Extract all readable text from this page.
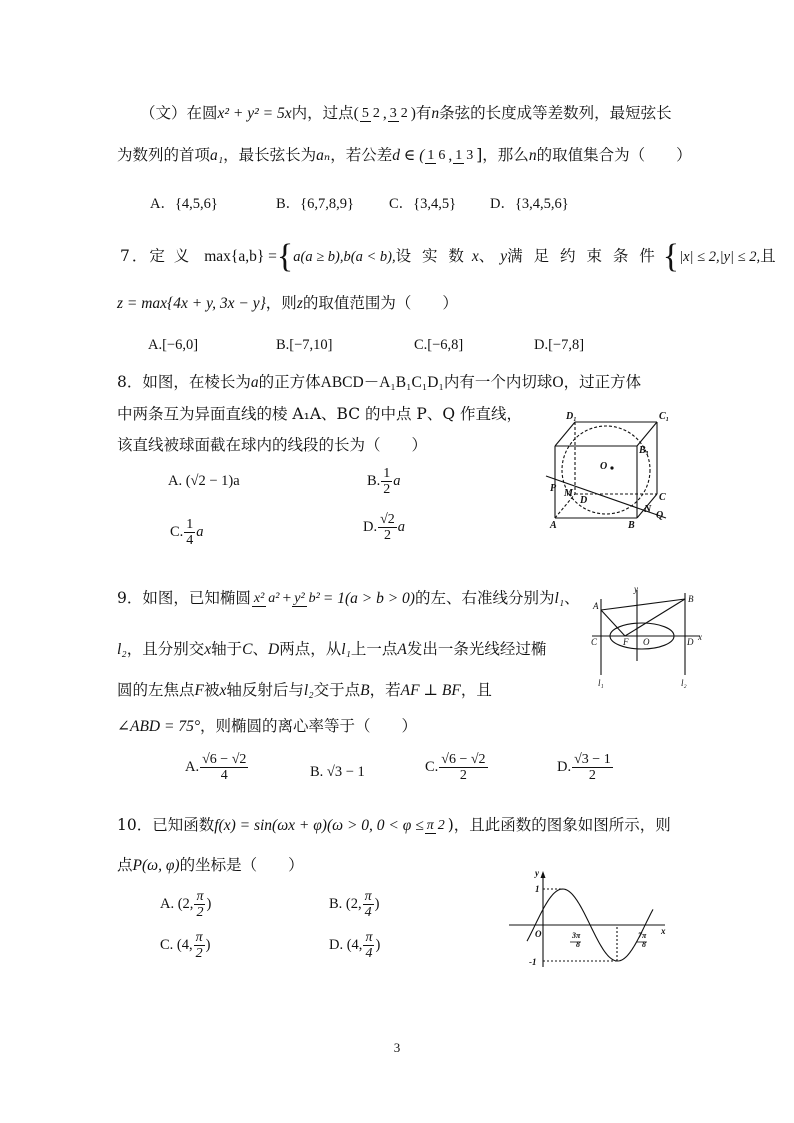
（文）在圆x² + y² = 5x内，过点( 5 2 , 3 2 )有n条弦的长度成等差数列，最短弦长
为数列的首项a₁，最长弦长为aₙ，若公差d ∈ ( 1 6 , 1 3 ]，那么n的取值集合为（　　）
A．{4,5,6}	B．{6,7,8,9} C．{3,4,5} D．{3,4,5,6}
7．定 义 max{a,b} ={a(a ≥ b),b(a < b),设 实 数 x、 y满 足 约 束 条 件 {|x| ≤ 2,|y| ≤ 2,且
z = max{4x + y, 3x − y}，则z的取值范围为（　　）
A.[−6,0]	B.[−7,10]	C.[−6,8]	D.[−7,8]
8．如图，在棱长为a的正方体ABCD－A₁B₁C₁D₁内有一个内切球O，过正方体
中两条互为异面直线的棱 A₁A、BC 的中点 P、Q 作直线，
该直线被球面截在球内的线段的长为（　　）
A. (√2 − 1)a	B. $\frac{1}{2}$ a
C. $\frac{1}{4}$ a	D. $\frac{√2}{2}$ a
D₁	C₁
B₁
O
P M
D	C
N
Q
A	B
9．如图，已知椭圆 x² a² + y² b² = 1(a > b > 0)的左、右准线分别为l₁、
l₂，且分别交x轴于C、D两点，从l₁上一点A发出一条光线经过椭
圆的左焦点F被x轴反射后与l₂交于点B，若AF ⊥ BF，且
∠ABD = 75°，则椭圆的离心率等于（　　）
A. $\frac{√6 - √2}{4}$	B. √3 − 1	C. $\frac{√6 - √2}{2}$	D. $\frac{√3 - 1}{2}$
A
B
y
C	F O	D x
l₁	l₂
10．已知函数f(x) = sin(ωx + φ)(ω > 0, 0 < φ ≤ π 2 )，且此函数的图象如图所示，则
点P(ω, φ)的坐标是（　　）
A. (2, $\frac{\pi}{2}$ )	B. (2, $\frac{\pi}{4}$ )
C. (4, $\frac{\pi}{2}$ )	D. (4, $\frac{\pi}{4}$ )
y
1
O	3π
8
7π
8
x
-1
3
